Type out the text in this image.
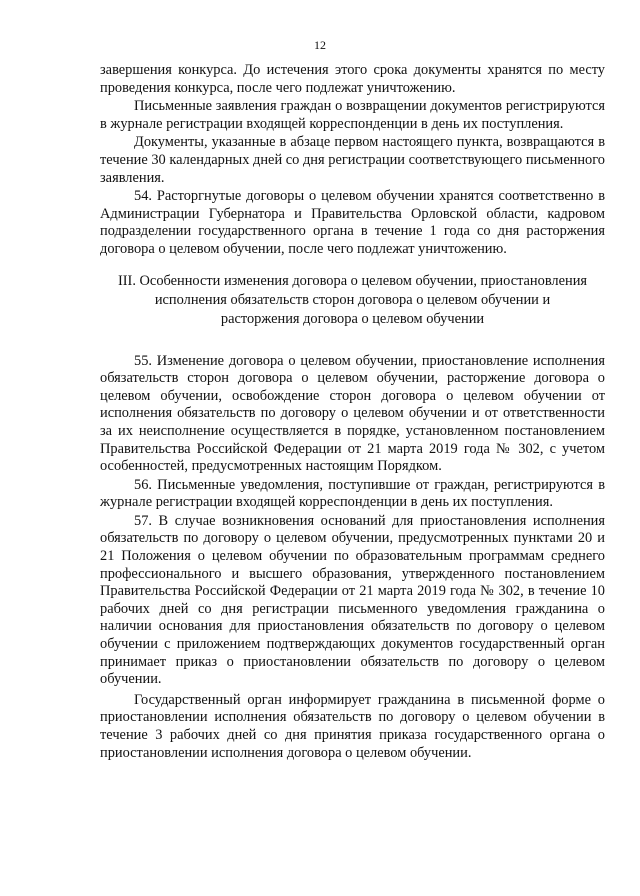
12

завершения конкурса. До истечения этого срока документы хранятся по месту проведения конкурса, после чего подлежат уничтожению.

Письменные заявления граждан о возвращении документов регистрируются в журнале регистрации входящей корреспонденции в день их поступления.

Документы, указанные в абзаце первом настоящего пункта, возвращаются в течение 30 календарных дней со дня регистрации соответствующего письменного заявления.

54. Расторгнутые договоры о целевом обучении хранятся соответственно в Администрации Губернатора и Правительства Орловской области, кадровом подразделении государственного органа в течение 1 года со дня расторжения договора о целевом обучении, после чего подлежат уничтожению.

III. Особенности изменения договора о целевом обучении, приостановления исполнения обязательств сторон договора о целевом обучении и расторжения договора о целевом обучении

55. Изменение договора о целевом обучении, приостановление исполнения обязательств сторон договора о целевом обучении, расторжение договора о целевом обучении, освобождение сторон договора о целевом обучении от исполнения обязательств по договору о целевом обучении и от ответственности за их неисполнение осуществляется в порядке, установленном постановлением Правительства Российской Федерации от 21 марта 2019 года № 302, с учетом особенностей, предусмотренных настоящим Порядком.

56. Письменные уведомления, поступившие от граждан, регистрируются в журнале регистрации входящей корреспонденции в день их поступления.

57. В случае возникновения оснований для приостановления исполнения обязательств по договору о целевом обучении, предусмотренных пунктами 20 и 21 Положения о целевом обучении по образовательным программам среднего профессионального и высшего образования, утвержденного постановлением Правительства Российской Федерации от 21 марта 2019 года № 302, в течение 10 рабочих дней со дня регистрации письменного уведомления гражданина о наличии основания для приостановления обязательств по договору о целевом обучении с приложением подтверждающих документов государственный орган принимает приказ о приостановлении обязательств по договору о целевом обучении.

Государственный орган информирует гражданина в письменной форме о приостановлении исполнения обязательств по договору о целевом обучении в течение 3 рабочих дней со дня принятия приказа государственного органа о приостановлении исполнения договора о целевом обучении.
